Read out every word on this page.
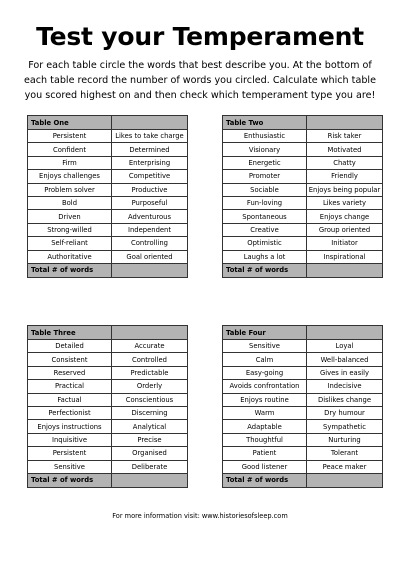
Test your Temperament
For each table circle the words that best describe you. At the bottom of each table record the number of words you circled. Calculate which table you scored highest on and then check which temperament type you are!
Table One	
Persistent	Likes to take charge
Confident	Determined
Firm	Enterprising
Enjoys challenges	Competitive
Problem solver	Productive
Bold	Purposeful
Driven	Adventurous
Strong-willed	Independent
Self-reliant	Controlling
Authoritative	Goal oriented
Total # of words	
Table Two	
Enthusiastic	Risk taker
Visionary	Motivated
Energetic	Chatty
Promoter	Friendly
Sociable	Enjoys being popular
Fun-loving	Likes variety
Spontaneous	Enjoys change
Creative	Group oriented
Optimistic	Initiator
Laughs a lot	Inspirational
Total # of words	
Table Three	
Detailed	Accurate
Consistent	Controlled
Reserved	Predictable
Practical	Orderly
Factual	Conscientious
Perfectionist	Discerning
Enjoys instructions	Analytical
Inquisitive	Precise
Persistent	Organised
Sensitive	Deliberate
Total # of words	
Table Four	
Sensitive	Loyal
Calm	Well-balanced
Easy-going	Gives in easily
Avoids confrontation	Indecisive
Enjoys routine	Dislikes change
Warm	Dry humour
Adaptable	Sympathetic
Thoughtful	Nurturing
Patient	Tolerant
Good listener	Peace maker
Total # of words	
For more information visit: www.historiesofsleep.com
